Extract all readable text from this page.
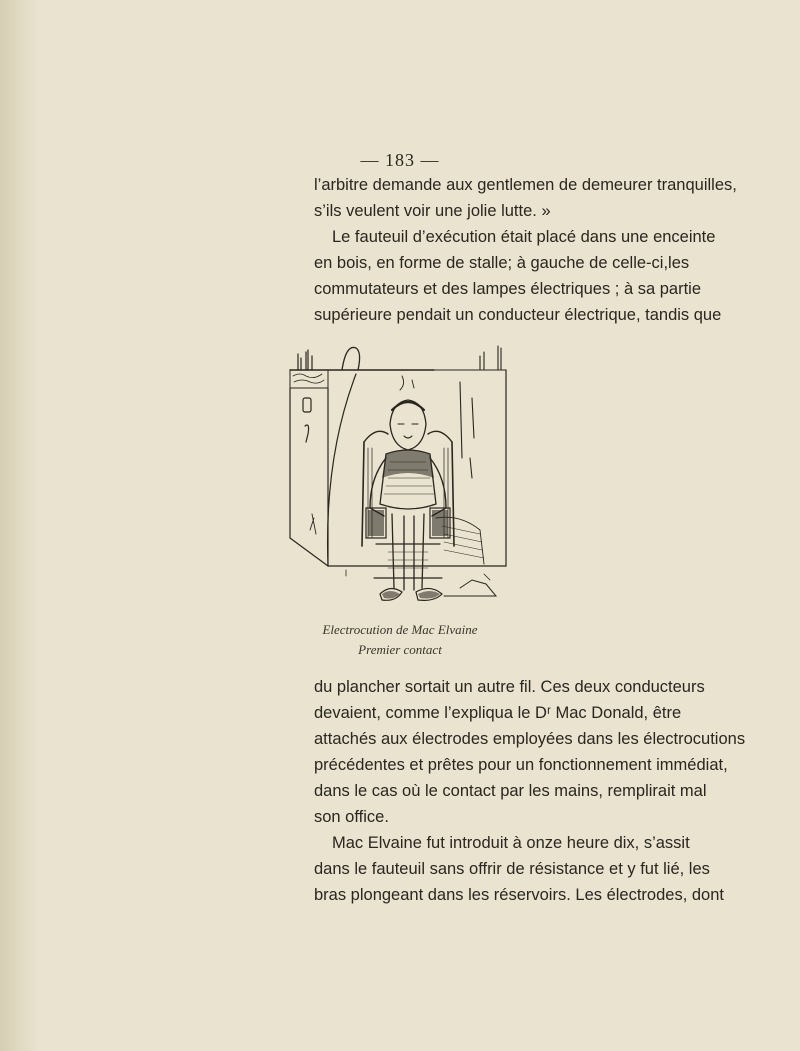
— 183 —
l’arbitre demande aux gentlemen de demeurer tranquilles,
s’ils veulent voir une jolie lutte. »
Le fauteuil d’exécution était placé dans une enceinte
en bois, en forme de stalle; à gauche de celle-ci,les
commutateurs et des lampes électriques ; à sa partie
supérieure pendait un conducteur électrique, tandis que
Electrocution de Mac Elvaine
Premier contact
du plancher sortait un autre fil. Ces deux conducteurs
devaient, comme l’expliqua le Dʳ Mac Donald, être
attachés aux électrodes employées dans les électrocutions
précédentes et prêtes pour un fonctionnement immédiat,
dans le cas où le contact par les mains, remplirait mal
son office.
Mac Elvaine fut introduit à onze heure dix, s’assit
dans le fauteuil sans offrir de résistance et y fut lié, les
bras plongeant dans les réservoirs. Les électrodes, dont
